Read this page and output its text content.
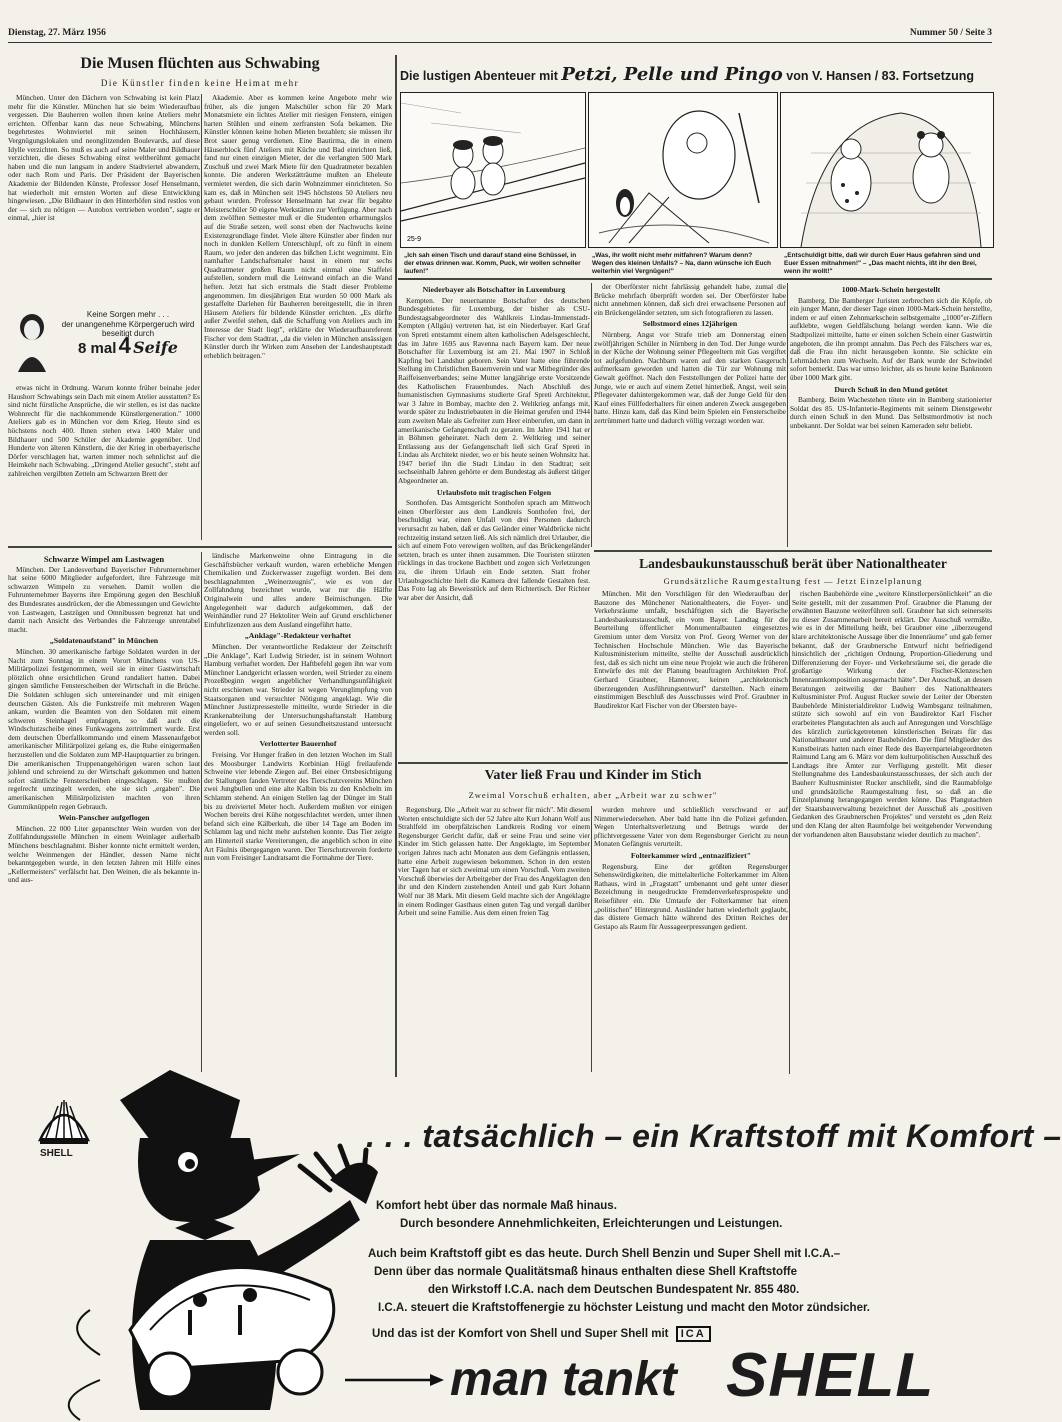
Dienstag, 27. März 1956	Nummer 50 / Seite 3
Die Musen flüchten aus Schwabing
Die Künstler finden keine Heimat mehr

München. Unter den Dächern von Schwabing ist kein Platz mehr für die Künstler. München hat sie beim Wiederaufbau vergessen. Die Bauherren wollen ihnen keine Ateliers mehr errichten. Offenbar kann das neue Schwabing, Münchens begehrtestes Wohnviertel mit seinen Hochhäusern, Vergnügungslokalen und neonglitzenden Boulevards, auf diese Idylle verzichten. So muß es auch auf seine Maler und Bildhauer verzichten, die dieses Schwabing einst weltberühmt gemacht haben und die nun langsam in andere Stadtviertel abwandern, oder nach Rom und Paris. Der Präsident der Bayerischen Akademie der Bildenden Künste, Professor Josef Henselmann, hat wiederholt mit ernsten Worten auf diese Entwicklung hingewiesen. „Die Bildhauer in den Hinterhöfen sind restlos von der — sich zu nötigen — Autobox vertrieben worden", sagte er einmal, „hier ist

Keine Sorgen mehr . . .
der unangenehme Körpergeruch wird beseitigt durch
8 mal 4 Seife

etwas nicht in Ordnung. Warum konnte früher beinahe jeder Haushorr Schwabings sein Dach mit einem Atelier ausstatten? Es sind nicht fürstliche Ansprüche, die wir stellen, es ist das nackte Wohnrecht für die nachkommende Künstlergeneration." 1000 Ateliers gab es in München vor dem Krieg. Heute sind es höchstens noch 400. Ihnen stehen etwa 1400 Maler und Bildhauer und 500 Schüler der Akademie gegenüber. Und Hunderte von älteren Künstlern, die der Krieg in oberbayerische Dörfer verschlagen hat, warten immer noch sehnlichst auf die Heimkehr nach Schwabing. „Dringend Atelier gesucht", steht auf zahlreichen vergilbten Zetteln am Schwarzen Brett der

Akademie. Aber es kommen keine Angebote mehr wie früher, als die jungen Malschüler schon für 20 Mark Monatsmiete ein lichtes Atelier mit riesigen Fenstern, einigen harten Stühlen und einem zerfransten Sofa bekamen. Die Künstler können keine hohen Mieten bezahlen; sie müssen ihr Brot sauer genug verdienen. Eine Bautirma, die in einem Häuserblock fünf Ateliers mit Küche und Bad einrichten ließ, fand nur einen einzigen Mieter, der die verlangten 500 Mark Zuschuß und zwei Mark Miete für den Quadratmeter bezahlen konnte. Die anderen Werkstätträume mußten an Eheleute vermietet werden, die sich darin Wohnzimmer einrichteten. So kam es, daß in München seit 1945 höchstens 50 Ateliers neu gebaut wurden. Professor Henselmann hat zwar für begabte Meisterschüler 50 eigene Werkstätten zur Verfügung. Aber nach dem zwölften Semester muß er die Studenten erbarmungslos auf die Straße setzen, weil sonst eben der Nachwuchs keine Existenzgrundlage findet. Viele ältere Künstler aber finden nur noch in dunklen Kellern Unterschlupf, oft zu fünft in einem Raum, wo jeder den anderen das bißchen Licht wegnimmt. Ein namhafter Landschaftsmaler haust in einem nur sechs Quadratmeter großen Raum nicht einmal eine Staffelei aufstellen, sondern muß die Leinwand einfach an die Wand heften. Jetzt hat sich erstmals die Stadt dieser Probleme angenommen. Im diesjährigen Etat wurden 50 000 Mark als gestaffelte Darlehen für Bauherren bereitgestellt, die in ihren Häusern Ateliers für bildende Künstler errichten. „Es dürfte außer Zweifel stehen, daß die Schaffung von Ateliers auch im Interesse der Stadt liegt", erklärte der Wiederaufbaureferent Fischer vor dem Stadtrat, „da die vielen in München ansässigen Künstler durch ihr Wirken zum Ansehen der Landeshauptstadt erheblich beitragen."

Die lustigen Abenteuer mit Petzi, Pelle und Pingo von V. Hansen / 83. Fortsetzung
25-9
„Ich sah einen Tisch und darauf stand eine Schüssel, in der etwas drinnen war. Komm, Puck, wir wollen schneller laufen!"
„Was, ihr wollt nicht mehr mitfahren? Warum denn? Wegen des kleinen Unfalls? – Na, dann wünsche ich Euch weiterhin viel Vergnügen!"
„Entschuldigt bitte, daß wir durch Euer Haus gefahren sind und Euer Essen mitnahmen!" – „Das macht nichts, ißt ihr den Brei, wenn ihr wollt!"
Niederbayer als Botschafter in Luxemburg

Kempten. Der neuernannte Botschafter des deutschen Bundesgebietes für Luxemburg, der bisher als CSU-Bundestagsabgeordneter des Wahlkreis Lindau-Immenstadt-Kempten (Allgäu) vertreten hat, ist ein Niederbayer. Karl Graf von Spreti entstammt einem alten katholischen Adelsgeschlecht, das im Jahre 1695 aus Ravenna nach Bayern kam. Der neue Botschafter für Luxemburg ist am 21. Mai 1907 in Schloß Kapfing bei Landshut geboren. Sein Vater hatte eine führende Stellung im Christlichen Bauernverein und war Mitbegründer des Raiffeisenverbandes; seine Mutter langjährige erste Vorsitzende des Katholischen Frauenbundes. Nach Abschluß des humanistischen Gymnasiums studierte Graf Spreti Architektur, war 3 Jahre in Bombay, machte den 2. Weltkrieg anfangs mit, wurde später zu Industriebauten in die Heimat gerufen und 1944 zum zweiten Male als Gefreiter zum Heer einberufen, um dann in amerikanische Gefangenschaft zu geraten. Im Jahre 1941 hat er in Böhmen geheiratet. Nach dem 2. Weltkrieg und seiner Entlassung aus der Gefangenschaft ließ sich Graf Spreti in Lindau als Architekt nieder, wo er bis heute seinen Wohnsitz hat. 1947 berief ihn die Stadt Lindau in den Stadtrat; seit sechseinhalb Jahren gehörte er dem Bundestag als äußerst tätiger Abgeordneter an.

Urlaubsfoto mit tragischen Folgen

Sonthofen. Das Amtsgericht Sonthofen sprach am Mittwoch einen Oberförster aus dem Landkreis Sonthofen frei, der beschuldigt war, einen Unfall von drei Personen dadurch verursacht zu haben, daß er das Geländer einer Waldbrücke nicht rechtzeitig instand setzen ließ. Als sich nämlich drei Urlauber, die sich auf einem Foto verewigen wollten, auf das Brückengeländer setzten, brach es unter ihnen zusammen. Die Touristen stürzten rücklings in das trockene Bachbett und zogen sich Verletzungen zu, die ihrem Urlaub ein Ende setzten. Statt froher Urlaubsgeschichte hielt die Kamera drei fallende Gestalten fest. Das Foto lag als Beweisstück auf dem Richtertisch. Der Richter war aber der Ansicht, daß

der Oberförster nicht fahrlässig gehandelt habe, zumal die Brücke mehrfach überprüft worden sei. Der Oberförster habe nicht annehmen können, daß sich drei erwachsene Personen auf ein Brückengeländer setzten, um sich fotografieren zu lassen.

Selbstmord eines 12jährigen

Nürnberg. Angst vor Strafe trieb am Donnerstag einen zwölfjährigen Schüler in Nürnberg in den Tod. Der Junge wurde in der Küche der Wohnung seiner Pflegeeltern mit Gas vergiftet tot aufgefunden. Nachbarn waren auf den starken Gasgeruch aufmerksam geworden und hatten die Tür zur Wohnung mit Gewalt geöffnet. Nach den Feststellungen der Polizei hatte der Junge, wie er auch auf einem Zettel hinterließ, Angst, weil sein Pflegevater dahintergekommen war, daß der Junge Geld für den Kauf eines Füllfederhalters für einen anderen Zweck ausgegeben hatte. Hinzu kam, daß das Kind beim Spielen ein Fensterscheibe zertrümmert hatte und dadurch völlig verzagt worden war.

1000-Mark-Schein hergestellt

Bamberg. Die Bamberger Juristen zerbrechen sich die Köpfe, ob ein junger Mann, der dieser Tage einen 1000-Mark-Schein herstellte, indem er auf einen Zehnmarkschein selbstgemalte „1000"er-Ziffern aufklebte, wegen Geldfälschung belangt werden kann. Wie die Stadtpolizei mitteilte, hatte er einen solchen Schein einer Gastwirtin angeboten, die ihn prompt annahm. Das Pech des Fälschers war es, daß die Frau ihn nicht herausgeben konnte. Sie schickte ein Lehrmädchen zum Wechseln. Auf der Bank wurde der Schwindel sofort bemerkt. Das war umso leichter, als es heute keine Banknoten über 1000 Mark gibt.

Durch Schuß in den Mund getötet

Bamberg. Beim Wachestehen tötete ein in Bamberg stationierter Soldat des 85. US-Infanterie-Regiments mit seinem Dienstgewehr durch einen Schuß in den Mund. Das Selbstmordmotiv ist noch unbekannt. Der Soldat war bei seinen Kameraden sehr beliebt.

Schwarze Wimpel am Lastwagen

München. Der Landesverband Bayerischer Fuhrunternehmer hat seine 6000 Mitglieder aufgefordert, ihre Fahrzeuge mit schwarzen Wimpeln zu versehen. Damit wollen die Fuhrunternehmer Bayerns ihre Empörung gegen den Beschluß des Bundesrates ausdrücken, der die Abmessungen und Gewichte von Lastwagen, Lastzügen und Omnibussen begrenzt hat und damit nach Ansicht des Verbandes die Fahrzeuge unrentabel macht.

„Soldatenaufstand" in München

München. 30 amerikanische farbige Soldaten wurden in der Nacht zum Sonntag in einem Vorort Münchens von US-Militärpolizei festgenommen, weil sie in einer Gastwirtschaft plötzlich ohne ersichtlichen Grund randaliert hatten. Dabei gingen sämtliche Fensterscheiben der Wirtschaft in die Brüche. Die Soldaten schlugen sich untereinander und mit einigen deutschen Gästen. Als die Funkstreife mit mehreren Wagen ankam, wurden die Beamten von den Soldaten mit einem schweren Steinhagel empfangen, so daß auch die Windschutzscheibe eines Funkwagens zertrümmert wurde. Erst dem deutschen Überfallkommando und einem Massenaufgebot amerikanischer Militärpolizei gelang es, die Ruhe einigermaßen herzustellen und die Soldaten zum MP-Hauptquartier zu bringen. Die amerikanischen Truppenangehörigen waren schon laut johlend und schreiend zu der Wirtschaft gekommen und hatten sofort sämtliche Fensterscheiben eingeschlagen. Sie mußten regelrecht umzingelt werden, ehe sie sich „ergaben". Die amerikanischen Militärpolizisten machten von ihren Gummiknüppeln regen Gebrauch.

Wein-Panscher aufgeflogen

München. 22 000 Liter gepantschter Wein wurden von der Zollfahndungsstelle München in einem Weinlager außerhalb Münchens beschlagnahmt. Bisher konnte nicht ermittelt werden, welche Weinmengen der Händler, dessen Name nicht bekanntgegeben wurde, in den letzten Jahren mit Hilfe eines „Kellermeisters" verfälscht hat. Den Weinen, die als bekannte in- und aus-

ländische Markenweine ohne Eintragung in die Geschäftsbücher verkauft wurden, waren erhebliche Mengen Chemikalien und Zuckerwasser zugefügt worden. Bei dem beschlagnahmten „Weinerzeugnis", wie es von der Zollfahndung bezeichnet wurde, war nur die Hälfte Originalwein und alles andere Beimischungen. Die Angelegenheit war dadurch aufgekommen, daß der Weinhändler rund 27 Hektoliter Wein auf Grund erschlichener Einfuhrlizenzen aus dem Ausland eingeführt hatte.

„Anklage"-Redakteur verhaftet

München. Der verantwortliche Redakteur der Zeitschrift „Die Anklage", Karl Ludwig Strieder, ist in seinem Wohnort Hamburg verhaftet worden. Der Haftbefehl gegen ihn war vom Münchner Landgericht erlassen worden, weil Strieder zu einem Prozeßbeginn wegen angeblicher Verhandlungsunfähigkeit nicht erschienen war. Strieder ist wegen Verunglimpfung von Staatsorganen und versuchter Nötigung angeklagt. Wie die Münchner Justizpressestelle mitteilte, wurde Strieder in die Krankenabteilung der Untersuchungshaftanstalt Hamburg eingeliefert, wo er auf seinen Gesundheitszustand untersucht werden soll.

Verlotterter Bauernhof

Freising. Vor Hunger fraßen in den letzten Wochen im Stall des Moosburger Landwirts Korbinian Högl freilaufende Schweine vier lebende Ziegen auf. Bei einer Ortsbesichtigung der Stallungen fanden Vertreter des Tierschutzvereins München zwei Jungbullen und eine alte Kalbin bis zu den Knöcheln im Schlamm stehend. An einigen Stellen lag der Dünger im Stall bis zu dreiviertel Meter hoch. Außerdem mußten vor einigen Wochen bereits drei Kühe notgeschlachtet werden, unter ihnen befand sich eine Kälberkuh, die über 14 Tage am Boden im Schlamm lag und nicht mehr aufstehen konnte. Das Tier zeigte am Hinterteil starke Vereiterungen, die angeblich schon in eine Art Fäulnis übergegangen waren. Der Tierschutzverein forderte nun vom Freisinger Landratsamt die Fortnahme der Tiere.

Landesbaukunstausschuß berät über Nationaltheater
Grundsätzliche Raumgestaltung fest — Jetzt Einzelplanung

München. Mit den Vorschlägen für den Wiederaufbau der Bauzone des Münchener Nationaltheaters, die Foyer- und Verkehrsräume umfaßt, beschäftigten sich die Bayerische Landesbaukunstausschuß, ein vom Bayer. Landtag für die Beurteilung öffentlicher Monumentalbauten eingesetztes Gremium unter dem Vorsitz von Prof. Georg Werner von der Technischen Hochschule München. Wie das Bayerische Kultusministerium mitteilte, stellte der Ausschuß ausdrücklich fest, daß es sich nicht um eine neue Projekt wie auch die früheren Entwürfe des mit der Planung beauftragten Architekten Prof. Gerhard Graubner, Hannover, keinen „architektonisch überzeugenden Ausführungsentwurf" darstellten. Nach einem einstimmigen Beschluß des Ausschusses wird Prof. Graubner in Baudirektor Karl Fischer von der Obersten baye-

rischen Baubehörde eine „weitere Künstlerpersönlichkeit" an die Seite gestellt, mit der zusammen Prof. Graubner die Planung der erwähnten Bauzone weiterführen soll. Graubner hat sich seinerseits zu dieser Zusammenarbeit bereit erklärt. Der Ausschuß vermißte, wie es in der Mitteilung heißt, bei Graubner eine „überzeugend klare architektonische Aussage über die Innenräume" und gab ferner bekannt, daß der Graubnersche Entwurf nicht befriedigend hinsichtlich der „richtigen Ordnung, Proportion-Gliederung und Differenzierung der Foyer- und Verkehrsräume sei, die gerade die großartige Wirkung der Fischer-Klenzeschen Innenraumkomposition ausgemacht hätte". Der Ausschuß, an dessen Beratungen zeitweilig der Bauherr des Nationaltheaters Kultusminister Prof. August Rucker sowie der Leiter der Obersten Baubehörde Ministerialdirektor Ludwig Wambsganz teilnahmen, stützte sich sowohl auf ein von Baudirektor Karl Fischer erarbeitetes Plangutachten als auch auf Anregungen und Vorschläge des kürzlich zurückgetretenen künstlerischen Beirats für das Nationaltheater und anderer Baubehörden. Die fünf Mitglieder des Kunstbeirats hatten nach einer Rede des Bayernparteiabgeordneten Raimund Lang am 6. März vor dem kulturpolitischen Ausschuß des Landtags ihre Ämter zur Verfügung gestellt. Mit dieser Stellungnahme des Landesbaukunstausschusses, der sich auch der Bauherr Kultusminister Rucker anschließt, sind die Raumabfolge und grundsätzliche Raumgestaltung fest, so daß an die Einzelplanung herangegangen werden könne. Das Plangutachten der Staatsbauverwaltung bezeichnet der Ausschuß als „positiven Gedanken des Graubnerschen Projektes" und versteht es „den Reiz und den Klang der alten Raumfolge bei weitgehender Verwendung der vorhandenen alten Bausubstanz wieder deutlich zu machen".

Vater ließ Frau und Kinder im Stich
Zweimal Vorschuß erhalten, aber „Arbeit war zu schwer"

Regensburg. Die „Arbeit war zu schwer für mich". Mit diesem Worten entschuldigte sich der 52 Jahre alte Kurt Johann Wolf aus Strahlfeld im oberpfälzischen Landkreis Roding vor einem Regensburger Gericht dafür, daß er seine Frau und seine vier Kinder im Stich gelassen hatte. Der Angeklagte, im September vorigen Jahres nach acht Monaten aus dem Gefängnis entlassen, hatte eine Arbeit zugewiesen bekommen. Schon in den ersten vier Tagen hat er sich zweimal um einen Vorschuß. Vom zweiten Vorschuß überwies der Arbeitgeber der Frau des Angeklagten den ihr und den Kindern zustehenden Anteil und gab Kurt Johann Wolf nur 38 Mark. Mit diesem Geld machte sich der Angeklagte in einem Rodinger Gasthaus einen guten Tag und vergaß darüber Arbeit und seine Familie. Aus dem einen freien Tag

wurden mehrere und schließlich verschwand er auf Nimmerwiedersehen. Aber bald hatte ihn die Polizei gefunden. Wegen Unterhaltsverletzung und Betrugs wurde der pflichtvergessene Vater von dem Regensburger Gericht zu neun Monaten Gefängnis verurteilt.

Folterkammer wird „entnazifiziert"

Regensburg. Eine der größten Regensburger Sehenswürdigkeiten, die mittelalterliche Folterkammer im Alten Rathaus, wird in „Fragstatt" umbenannt und geht unter dieser Bezeichnung in neugedruckte Fremdenverkehrsprospekte und Reiseführer ein. Die Umtaufe der Folterkammer hat einen „politischen" Hintergrund. Ausländer hatten wiederholt geglaubt, das düstere Gemach hätte während des Dritten Reiches der Gestapo als Raum für Aussageerpressungen gedient.

SHELL	. . . tatsächlich – ein Kraftstoff mit Komfort –
Komfort hebt über das normale Maß hinaus.
Durch besondere Annehmlichkeiten, Erleichterungen und Leistungen.
Auch beim Kraftstoff gibt es das heute. Durch Shell Benzin und Super Shell mit I.C.A.–
Denn über das normale Qualitätsmaß hinaus enthalten diese Shell Kraftstoffe
den Wirkstoff I.C.A. nach dem Deutschen Bundespatent Nr. 855 480.
I.C.A. steuert die Kraftstoffenergie zu höchster Leistung und macht den Motor zündsicher.
Und das ist der Komfort von Shell und Super Shell mit ICA
man tankt SHELL
